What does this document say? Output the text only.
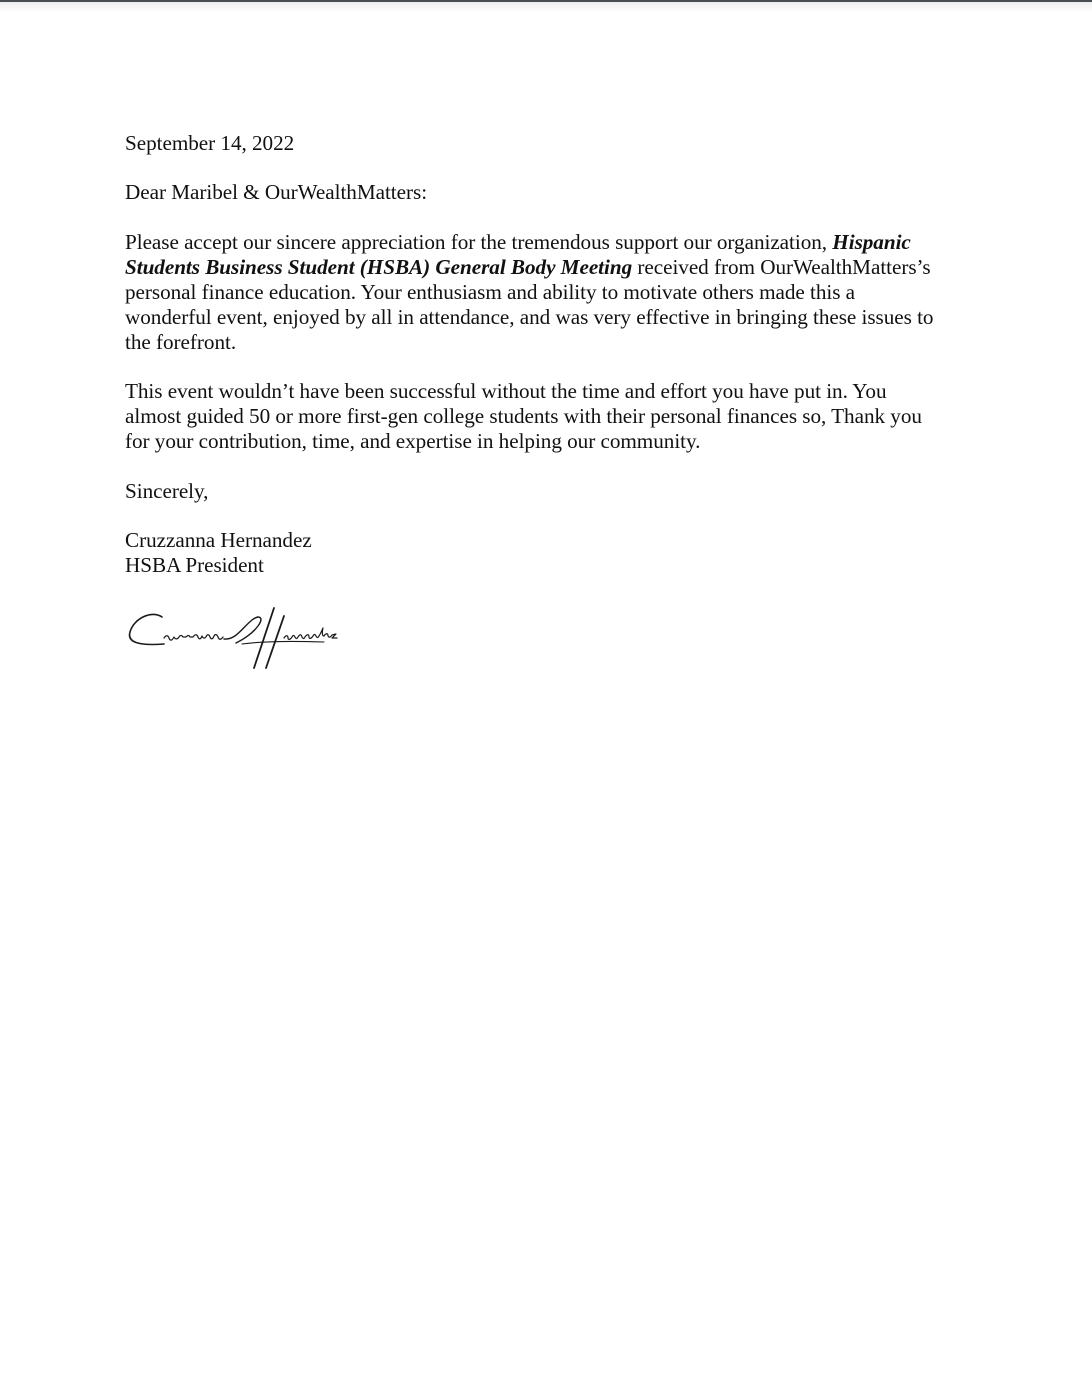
September 14, 2022
Dear Maribel & OurWealthMatters:
Please accept our sincere appreciation for the tremendous support our organization, Hispanic
Students Business Student (HSBA) General Body Meeting received from OurWealthMatters’s
personal finance education. Your enthusiasm and ability to motivate others made this a
wonderful event, enjoyed by all in attendance, and was very effective in bringing these issues to
the forefront.
This event wouldn’t have been successful without the time and effort you have put in. You
almost guided 50 or more first-gen college students with their personal finances so, Thank you
for your contribution, time, and expertise in helping our community.
Sincerely,
Cruzzanna Hernandez
HSBA President
